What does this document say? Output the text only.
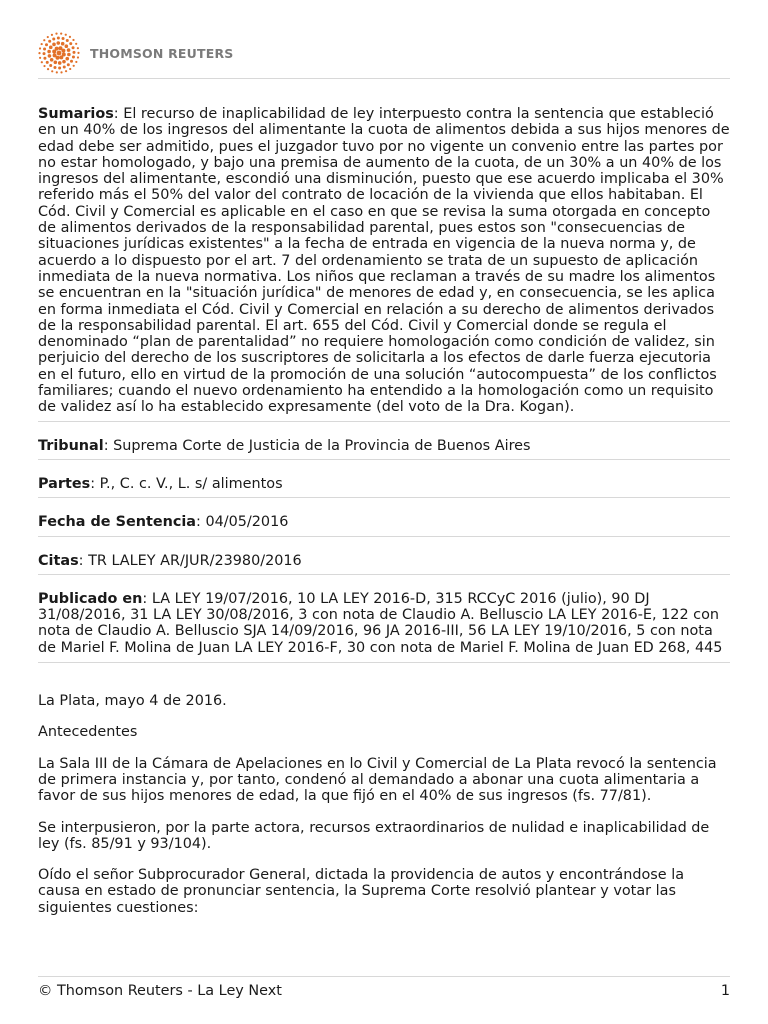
THOMSON REUTERS

Sumarios: El recurso de inaplicabilidad de ley interpuesto contra la sentencia que estableció en un 40% de los ingresos del alimentante la cuota de alimentos debida a sus hijos menores de edad debe ser admitido, pues el juzgador tuvo por no vigente un convenio entre las partes por no estar homologado, y bajo una premisa de aumento de la cuota, de un 30% a un 40% de los ingresos del alimentante, escondió una disminución, puesto que ese acuerdo implicaba el 30% referido más el 50% del valor del contrato de locación de la vivienda que ellos habitaban. El Cód. Civil y Comercial es aplicable en el caso en que se revisa la suma otorgada en concepto de alimentos derivados de la responsabilidad parental, pues estos son "consecuencias de situaciones jurídicas existentes" a la fecha de entrada en vigencia de la nueva norma y, de acuerdo a lo dispuesto por el art. 7 del ordenamiento se trata de un supuesto de aplicación inmediata de la nueva normativa. Los niños que reclaman a través de su madre los alimentos se encuentran en la "situación jurídica" de menores de edad y, en consecuencia, se les aplica en forma inmediata el Cód. Civil y Comercial en relación a su derecho de alimentos derivados de la responsabilidad parental. El art. 655 del Cód. Civil y Comercial donde se regula el denominado “plan de parentalidad” no requiere homologación como condición de validez, sin perjuicio del derecho de los suscriptores de solicitarla a los efectos de darle fuerza ejecutoria en el futuro, ello en virtud de la promoción de una solución “autocompuesta” de los conflictos familiares; cuando el nuevo ordenamiento ha entendido a la homologación como un requisito de validez así lo ha establecido expresamente (del voto de la Dra. Kogan).

Tribunal: Suprema Corte de Justicia de la Provincia de Buenos Aires

Partes: P., C. c. V., L. s/ alimentos

Fecha de Sentencia: 04/05/2016

Citas: TR LALEY AR/JUR/23980/2016

Publicado en: LA LEY 19/07/2016, 10 LA LEY 2016-D, 315 RCCyC 2016 (julio), 90 DJ 31/08/2016, 31 LA LEY 30/08/2016, 3 con nota de Claudio A. Belluscio LA LEY 2016-E, 122 con nota de Claudio A. Belluscio SJA 14/09/2016, 96 JA 2016-III, 56 LA LEY 19/10/2016, 5 con nota de Mariel F. Molina de Juan LA LEY 2016-F, 30 con nota de Mariel F. Molina de Juan ED 268, 445

La Plata, mayo 4 de 2016.

Antecedentes

La Sala III de la Cámara de Apelaciones en lo Civil y Comercial de La Plata revocó la sentencia de primera instancia y, por tanto, condenó al demandado a abonar una cuota alimentaria a favor de sus hijos menores de edad, la que fijó en el 40% de sus ingresos (fs. 77/81).

Se interpusieron, por la parte actora, recursos extraordinarios de nulidad e inaplicabilidad de ley (fs. 85/91 y 93/104).

Oído el señor Subprocurador General, dictada la providencia de autos y encontrándose la causa en estado de pronunciar sentencia, la Suprema Corte resolvió plantear y votar las siguientes cuestiones:

© Thomson Reuters - La Ley Next	1
